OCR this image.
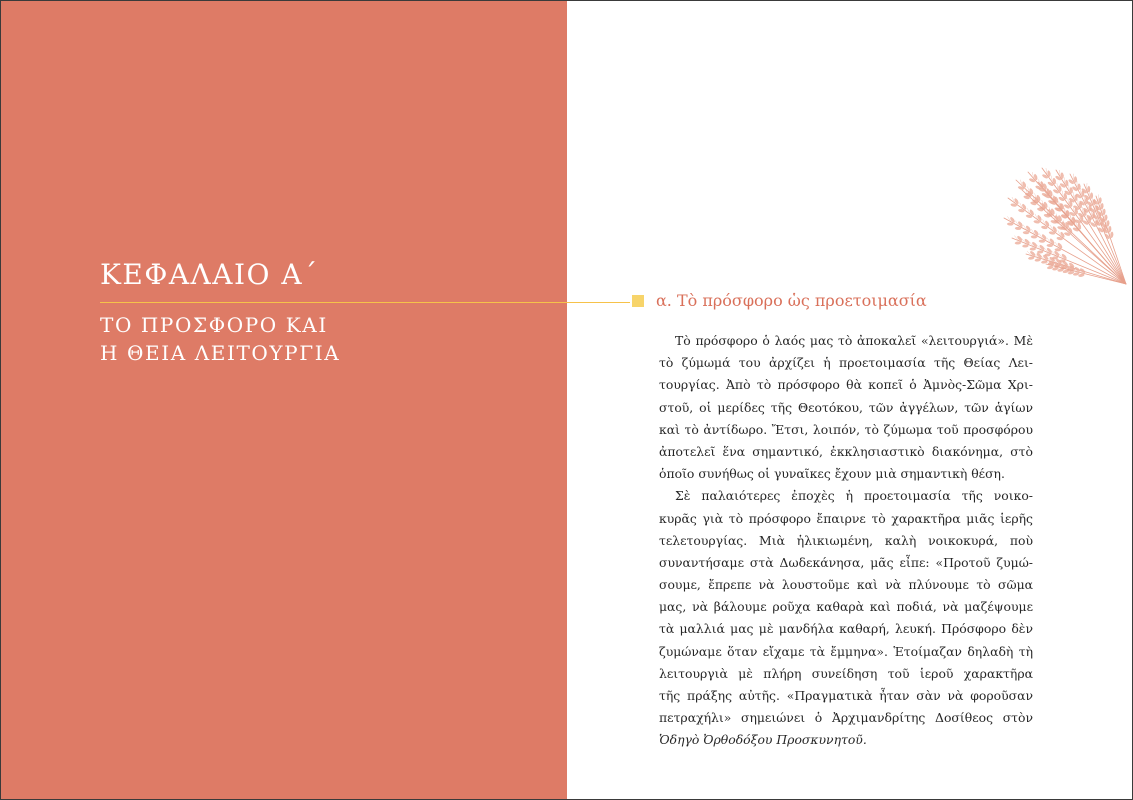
ΚΕΦΑΛΑΙΟ Α΄
ΤΟ ΠΡΟΣΦΟΡΟ ΚΑΙ
Η ΘΕΙΑ ΛΕΙΤΟΥΡΓΙΑ
α. Τὸ πρόσφορο ὡς προετοιμασία
Τὸ πρόσφορο ὁ λαός μας τὸ ἀποκαλεῖ «λειτουργιά». Μὲ
τὸ ζύμωμά του ἀρχίζει ἡ προετοιμασία τῆς Θείας Λει-
τουργίας. Ἀπὸ τὸ πρόσφορο θὰ κοπεῖ ὁ Ἀμνὸς-Σῶμα Χρι-
στοῦ, οἱ μερίδες τῆς Θεοτόκου, τῶν ἀγγέλων, τῶν ἁγίων
καὶ τὸ ἀντίδωρο. Ἔτσι, λοιπόν, τὸ ζύμωμα τοῦ προσφόρου
ἀποτελεῖ ἕνα σημαντικό, ἐκκλησιαστικὸ διακόνημα, στὸ
ὁποῖο συνήθως οἱ γυναῖκες ἔχουν μιὰ σημαντικὴ θέση.
Σὲ παλαιότερες ἐποχὲς ἡ προετοιμασία τῆς νοικο-
κυρᾶς γιὰ τὸ πρόσφορο ἔπαιρνε τὸ χαρακτῆρα μιᾶς ἱερῆς
τελετουργίας. Μιὰ ἡλικιωμένη, καλὴ νοικοκυρά, ποὺ
συναντήσαμε στὰ Δωδεκάνησα, μᾶς εἶπε: «Προτοῦ ζυμώ-
σουμε, ἔπρεπε νὰ λουστοῦμε καὶ νὰ πλύνουμε τὸ σῶμα
μας, νὰ βάλουμε ροῦχα καθαρὰ καὶ ποδιά, νὰ μαζέψουμε
τὰ μαλλιά μας μὲ μανδήλα καθαρή, λευκή. Πρόσφορο δὲν
ζυμώναμε ὅταν εἴχαμε τὰ ἔμμηνα». Ἑτοίμαζαν δηλαδὴ τὴ
λειτουργιὰ μὲ πλήρη συνείδηση τοῦ ἱεροῦ χαρακτῆρα
τῆς πράξης αὐτῆς. «Πραγματικὰ ἦταν σὰν νὰ φοροῦσαν
πετραχήλι» σημειώνει ὁ Ἀρχιμανδρίτης Δοσίθεος στὸν
Ὁδηγὸ Ὀρθοδόξου Προσκυνητοῦ.
